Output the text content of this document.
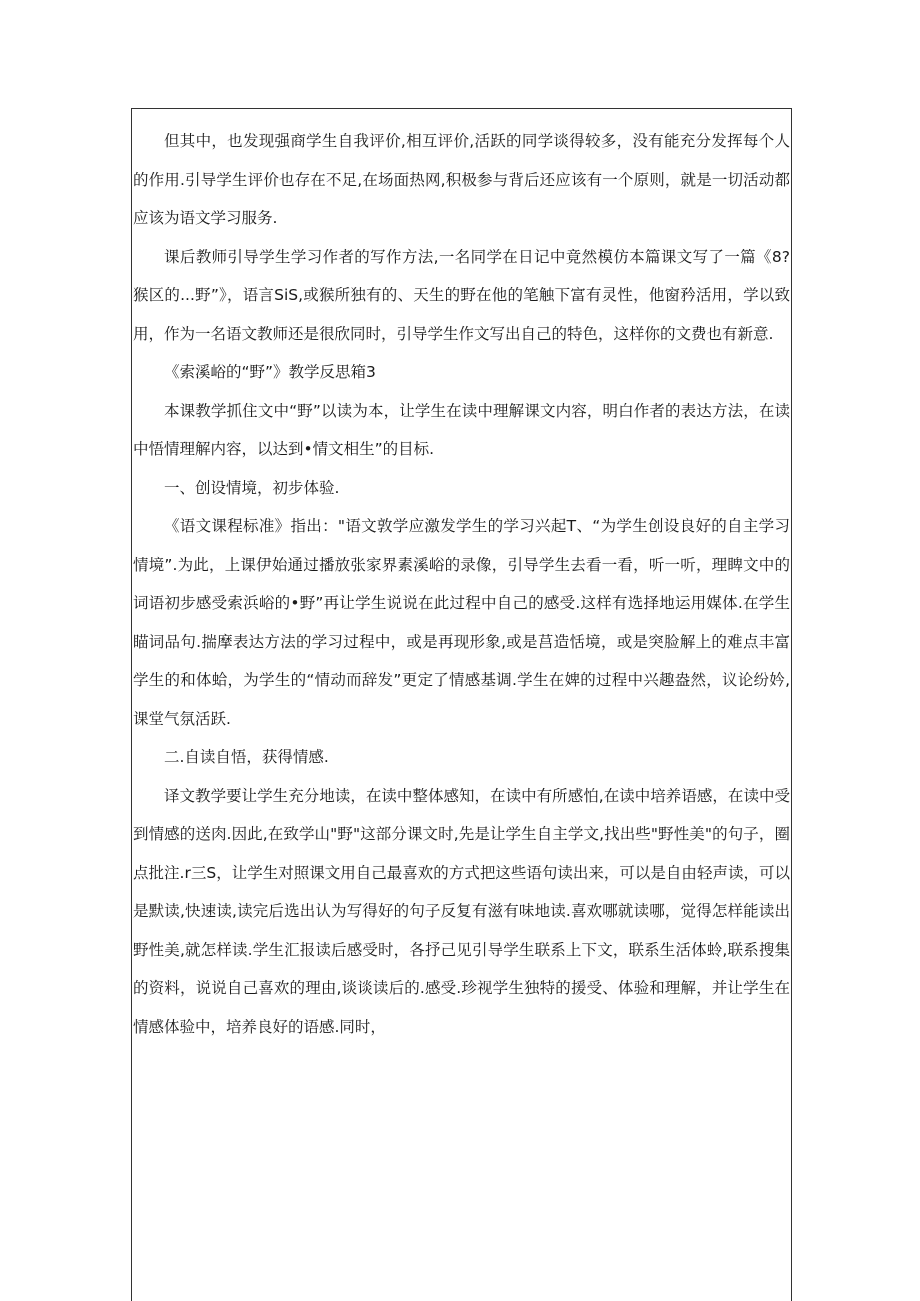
但其中，也发现强商学生自我评价,相互评价,活跃的同学谈得较多，没有能充分发挥每个人的作用.引导学生评价也存在不足,在场面热网,积极参与背后还应该有一个原则，就是一切活动都应该为语文学习服务.

课后教师引导学生学习作者的写作方法,一名同学在日记中竟然模仿本篇课文写了一篇《8?猴区的...野”》，语言SiS,或猴所独有的、天生的野在他的笔触下富有灵性，他窗矜活用，学以致用，作为一名语文教师还是很欣同时，引导学生作文写出自己的特色，这样你的文费也有新意.

《索溪峪的“野”》教学反思箱3

本课教学抓住文中“野”以读为本，让学生在读中理解课文内容，明白作者的表达方法，在读中悟情理解内容，以达到•情文相生”的目标.

一、创设情境，初步体验.

《语文课程标准》指出："语文敦学应激发学生的学习兴起T、“为学生创设良好的自主学习情境”.为此，上课伊始通过播放张家界素溪峪的录像，引导学生去看一看，听一听，理睥文中的词语初步感受索浜峪的•野”再让学生说说在此过程中自己的感受.这样有选择地运用媒体.在学生瞄词品句.揣摩表达方法的学习过程中，或是再现形象,或是莒造恬境，或是突脸解上的难点丰富学生的和体蛤，为学生的“情动而辞发”更定了情感基调.学生在婢的过程中兴趣盎然，议论纷妗,课堂气氛活跃.

二.自读自悟，获得情感.

译文教学要让学生充分地读，在读中整体感知，在读中有所感怕,在读中培养语感，在读中受到情感的送肉.因此,在致学山"野"这部分课文时,先是让学生自主学文,找出些"野性美"的句子，圈点批注.r三S，让学生对照课文用自己最喜欢的方式把这些语句读出来，可以是自由轻声读，可以是默读,快速读,读完后选出认为写得好的句子反复有滋有味地读.喜欢哪就读哪，觉得怎样能读出野性美,就怎样读.学生汇报读后感受时，各抒己见引导学生联系上下文，联系生活体蛉,联系搜集的资料，说说自己喜欢的理由,谈谈读后的.感受.珍视学生独特的援受、体验和理解，并让学生在情感体验中，培养良好的语感.同时，
